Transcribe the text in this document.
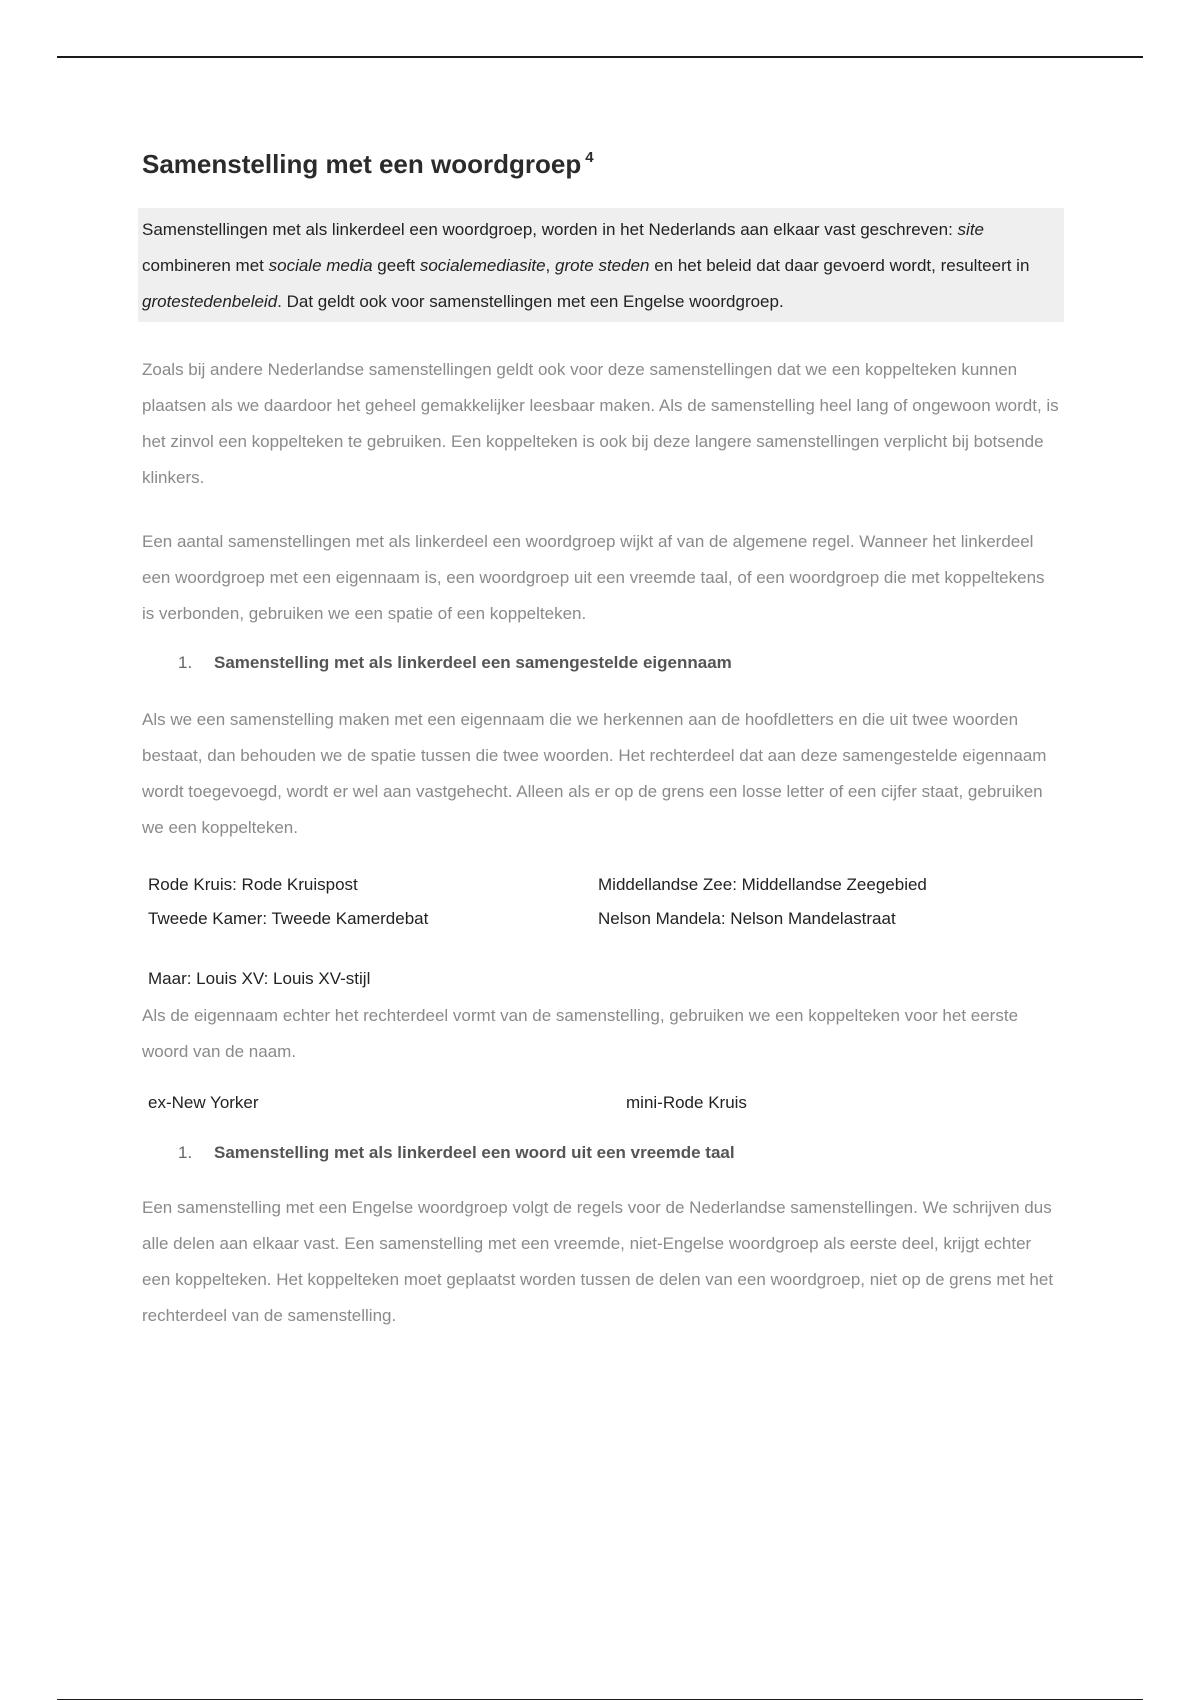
Samenstelling met een woordgroep $^4$
Samenstellingen met als linkerdeel een woordgroep, worden in het Nederlands aan elkaar vast geschreven: site combineren met sociale media geeft socialemediasite, grote steden en het beleid dat daar gevoerd wordt, resulteert in grotestedenbeleid. Dat geldt ook voor samenstellingen met een Engelse woordgroep.

Zoals bij andere Nederlandse samenstellingen geldt ook voor deze samenstellingen dat we een koppelteken kunnen plaatsen als we daardoor het geheel gemakkelijker leesbaar maken. Als de samenstelling heel lang of ongewoon wordt, is het zinvol een koppelteken te gebruiken. Een koppelteken is ook bij deze langere samenstellingen verplicht bij botsende klinkers.

Een aantal samenstellingen met als linkerdeel een woordgroep wijkt af van de algemene regel. Wanneer het linkerdeel een woordgroep met een eigennaam is, een woordgroep uit een vreemde taal, of een woordgroep die met koppeltekens is verbonden, gebruiken we een spatie of een koppelteken.

1. Samenstelling met als linkerdeel een samengestelde eigennaam

Als we een samenstelling maken met een eigennaam die we herkennen aan de hoofdletters en die uit twee woorden bestaat, dan behouden we de spatie tussen die twee woorden. Het rechterdeel dat aan deze samengestelde eigennaam wordt toegevoegd, wordt er wel aan vastgehecht. Alleen als er op de grens een losse letter of een cijfer staat, gebruiken we een koppelteken.

Rode Kruis: Rode Kruispost	Middellandse Zee: Middellandse Zeegebied
Tweede Kamer: Tweede Kamerdebat	Nelson Mandela: Nelson Mandelastraat
Maar: Louis XV: Louis XV-stijl

Als de eigennaam echter het rechterdeel vormt van de samenstelling, gebruiken we een koppelteken voor het eerste woord van de naam.

ex-New Yorker	mini-Rode Kruis
1. Samenstelling met als linkerdeel een woord uit een vreemde taal

Een samenstelling met een Engelse woordgroep volgt de regels voor de Nederlandse samenstellingen. We schrijven dus alle delen aan elkaar vast. Een samenstelling met een vreemde, niet-Engelse woordgroep als eerste deel, krijgt echter een koppelteken. Het koppelteken moet geplaatst worden tussen de delen van een woordgroep, niet op de grens met het rechterdeel van de samenstelling.
